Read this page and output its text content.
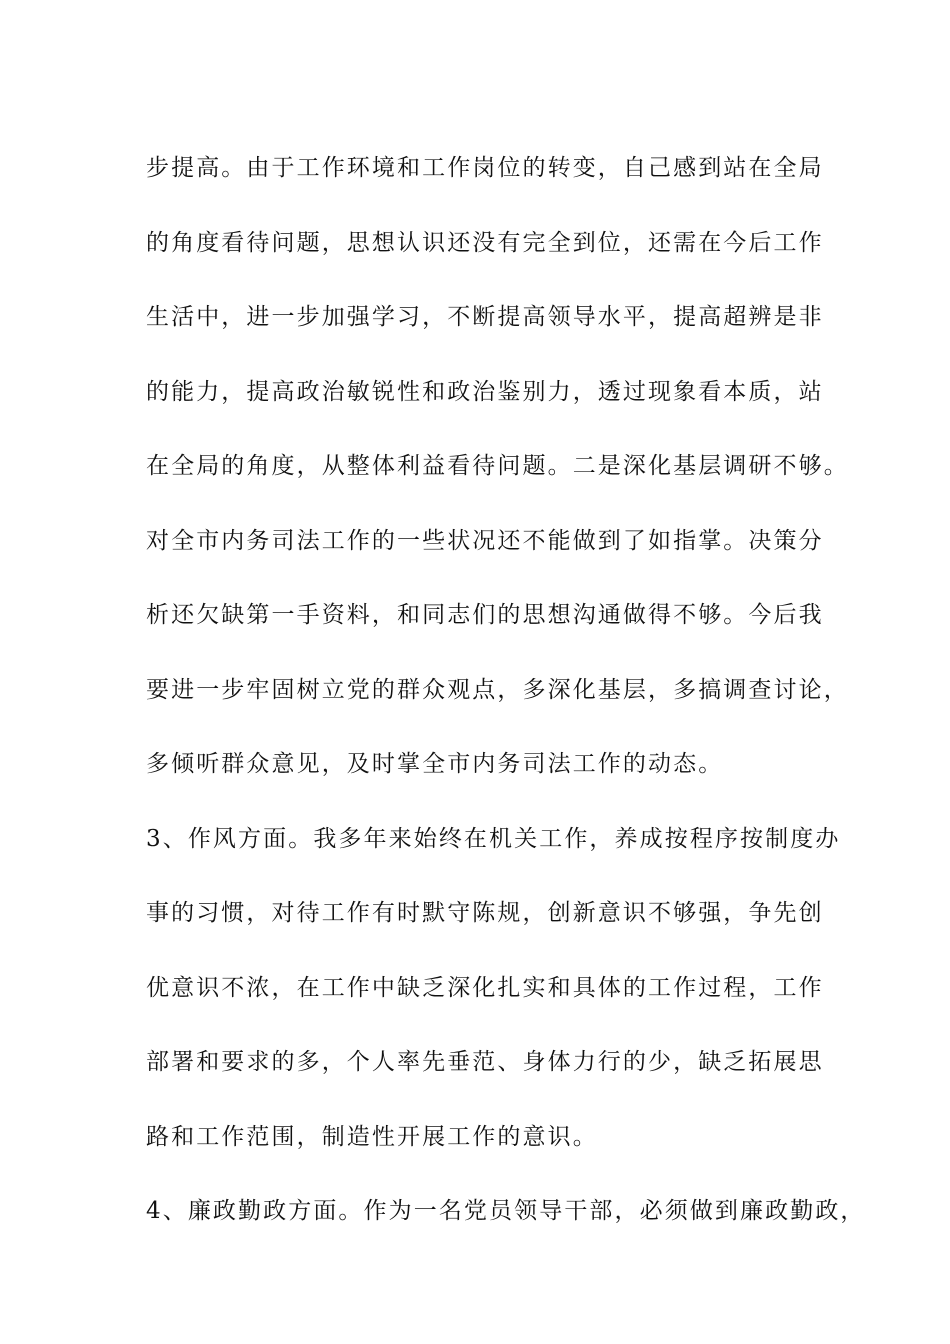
步提高。由于工作环境和工作岗位的转变，自己感到站在全局
的角度看待问题，思想认识还没有完全到位，还需在今后工作
生活中，进一步加强学习，不断提高领导水平，提高超辨是非
的能力，提高政治敏锐性和政治鉴别力，透过现象看本质，站
在全局的角度，从整体利益看待问题。二是深化基层调研不够。
对全市内务司法工作的一些状况还不能做到了如指掌。决策分
析还欠缺第一手资料，和同志们的思想沟通做得不够。今后我
要进一步牢固树立党的群众观点，多深化基层，多搞调查讨论，
多倾听群众意见，及时掌全市内务司法工作的动态。
3、作风方面。我多年来始终在机关工作，养成按程序按制度办
事的习惯，对待工作有时默守陈规，创新意识不够强，争先创
优意识不浓，在工作中缺乏深化扎实和具体的工作过程，工作
部署和要求的多，个人率先垂范、身体力行的少，缺乏拓展思
路和工作范围，制造性开展工作的意识。
4、廉政勤政方面。作为一名党员领导干部，必须做到廉政勤政，
